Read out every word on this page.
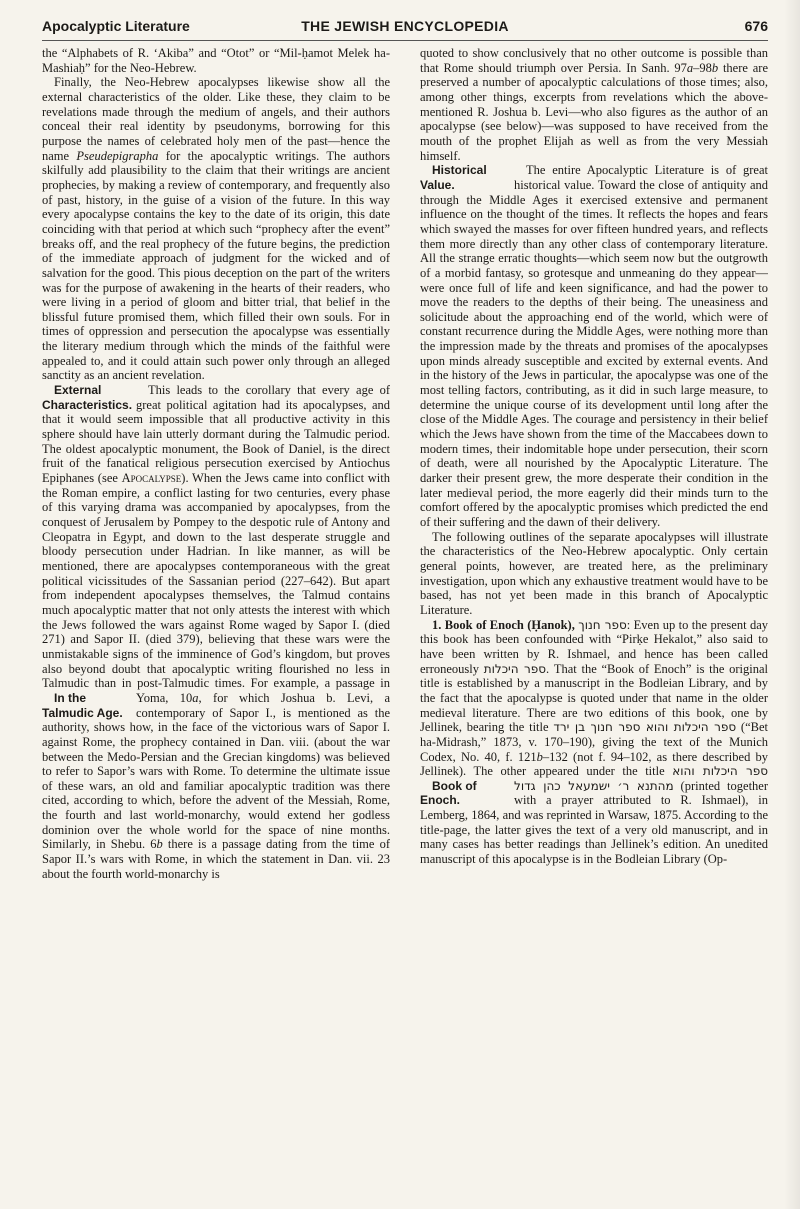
Apocalyptic Literature	THE JEWISH ENCYCLOPEDIA	676

the “Alphabets of R. ‘Akiba” and “Otot” or “Mil-ḥamot Melek ha-Mashiaḥ” for the Neo-Hebrew.

Finally, the Neo-Hebrew apocalypses likewise show all the external characteristics of the older. Like these, they claim to be revelations made through the medium of angels, and their authors conceal their real identity by pseudonyms, borrowing for this purpose the names of celebrated holy men of the past—hence the name Pseudepigrapha for the apocalyptic writings. The authors skilfully add plausibility to the claim that their writings are ancient prophecies, by making a review of contemporary, and frequently also of past, history, in the guise of a vision of the future. In this way every apocalypse contains the key to the date of its origin, this date coinciding with that period at which such “prophecy after the event” breaks off, and the real prophecy of the future begins, the prediction of the immediate approach of judgment for the wicked and of salvation for the good. This pious deception on the part of the writers was for the purpose of awakening in the hearts of their readers, who were living in a period of gloom and bitter trial, that belief in the blissful future promised them, which filled their own souls. For in times of oppression and persecution the apocalypse was essentially the literary medium through which the minds of the faithful were appealed to, and it could attain such power only through an alleged sanctity as an ancient revelation.

External Characteristics.
This leads to the corollary that every age of great political agitation had its apocalypses, and that it would seem impossible that all productive activity in this sphere should have lain utterly dormant during the Talmudic period. The oldest apocalyptic monument, the Book of Daniel, is the direct fruit of the fanatical religious persecution exercised by Antiochus Epiphanes (see Apocalypse). When the Jews came into conflict with the Roman empire, a conflict lasting for two centuries, every phase of this varying drama was accompanied by apocalypses, from the conquest of Jerusalem by Pompey to the despotic rule of Antony and Cleopatra in Egypt, and down to the last desperate struggle and bloody persecution under Hadrian. In like manner, as will be mentioned, there are apocalypses contemporaneous with the great political vicissitudes of the Sassanian period (227–642). But apart from independent apocalypses themselves, the Talmud contains much apocalyptic matter that not only attests the interest with which the Jews followed the wars against Rome waged by Sapor I. (died 271) and Sapor II. (died 379), believing that these wars were the unmistakable signs of the imminence of God’s kingdom, but proves also beyond doubt that apocalyptic writing flourished no less in Talmudic than in post-Talmudic times. For example, a passage in Yoma, 10a
In the Talmudic Age.
, for which Joshua b. Levi, a contemporary of Sapor I., is mentioned as the authority, shows how, in the face of the victorious wars of Sapor I. against Rome, the prophecy contained in Dan. viii. (about the war between the Medo-Persian and the Grecian kingdoms) was believed to refer to Sapor’s wars with Rome. To determine the ultimate issue of these wars, an old and familiar apocalyptic tradition was there cited, according to which, before the advent of the Messiah, Rome, the fourth and last world-monarchy, would extend her godless dominion over the whole world for the space of nine months. Similarly, in Shebu. 6b there is a passage dating from the time of Sapor II.’s wars with Rome, in which the statement in Dan. vii. 23 about the fourth world-monarchy is

quoted to show conclusively that no other outcome is possible than that Rome should triumph over Persia. In Sanh. 97a–98b there are preserved a number of apocalyptic calculations of those times; also, among other things, excerpts from revelations which the above-mentioned R. Joshua b. Levi—who also figures as the author of an apocalypse (see below)—was supposed to have received from the mouth of the prophet Elijah as well as from the very Messiah himself.

Historical Value.
The entire Apocalyptic Literature is of great historical value. Toward the close of antiquity and through the Middle Ages it exercised extensive and permanent influence on the thought of the times. It reflects the hopes and fears which swayed the masses for over fifteen hundred years, and reflects them more directly than any other class of contemporary literature. All the strange erratic thoughts—which seem now but the outgrowth of a morbid fantasy, so grotesque and unmeaning do they appear—were once full of life and keen significance, and had the power to move the readers to the depths of their being. The uneasiness and solicitude about the approaching end of the world, which were of constant recurrence during the Middle Ages, were nothing more than the impression made by the threats and promises of the apocalypses upon minds already susceptible and excited by external events. And in the history of the Jews in particular, the apocalypse was one of the most telling factors, contributing, as it did in such large measure, to determine the unique course of its development until long after the close of the Middle Ages. The courage and persistency in their belief which the Jews have shown from the time of the Maccabees down to modern times, their indomitable hope under persecution, their scorn of death, were all nourished by the Apocalyptic Literature. The darker their present grew, the more desperate their condition in the later medieval period, the more eagerly did their minds turn to the comfort offered by the apocalyptic promises which predicted the end of their suffering and the dawn of their delivery.

The following outlines of the separate apocalypses will illustrate the characteristics of the Neo-Hebrew apocalyptic. Only certain general points, however, are treated here, as the preliminary investigation, upon which any exhaustive treatment would have to be based, has not yet been made in this branch of Apocalyptic Literature.

1. Book of Enoch (Ḥanok), ספר חנוך: Even up to the present day this book has been confounded with “Pirḳe Hekalot,” also said to have been written by R. Ishmael, and hence has been called erroneously ספר היכלות. That the “Book of Enoch” is the original title is established by a manuscript in the Bodleian Library, and by the fact that the apocalypse is quoted under that name in the older medieval literature. There are two editions of this book, one by Jellinek, bearing the title ספר היכלות והוא ספר חנוך בן ירד (“Bet ha-Midrash,” 1873, v. 170–190), giving the text of the Munich Codex, No. 40, f. 121b–132 (not f. 94–102, as there described by Jellinek). The other appeared under the title ספר היכלות והוא מהתנא ר׳ ישמעאל כהן גדול
Book of Enoch.
(printed together with a prayer attributed to R. Ishmael), in Lemberg, 1864, and was reprinted in Warsaw, 1875. According to the title-page, the latter gives the text of a very old manuscript, and in many cases has better readings than Jellinek’s edition. An unedited manuscript of this apocalypse is in the Bodleian Library (Op-
